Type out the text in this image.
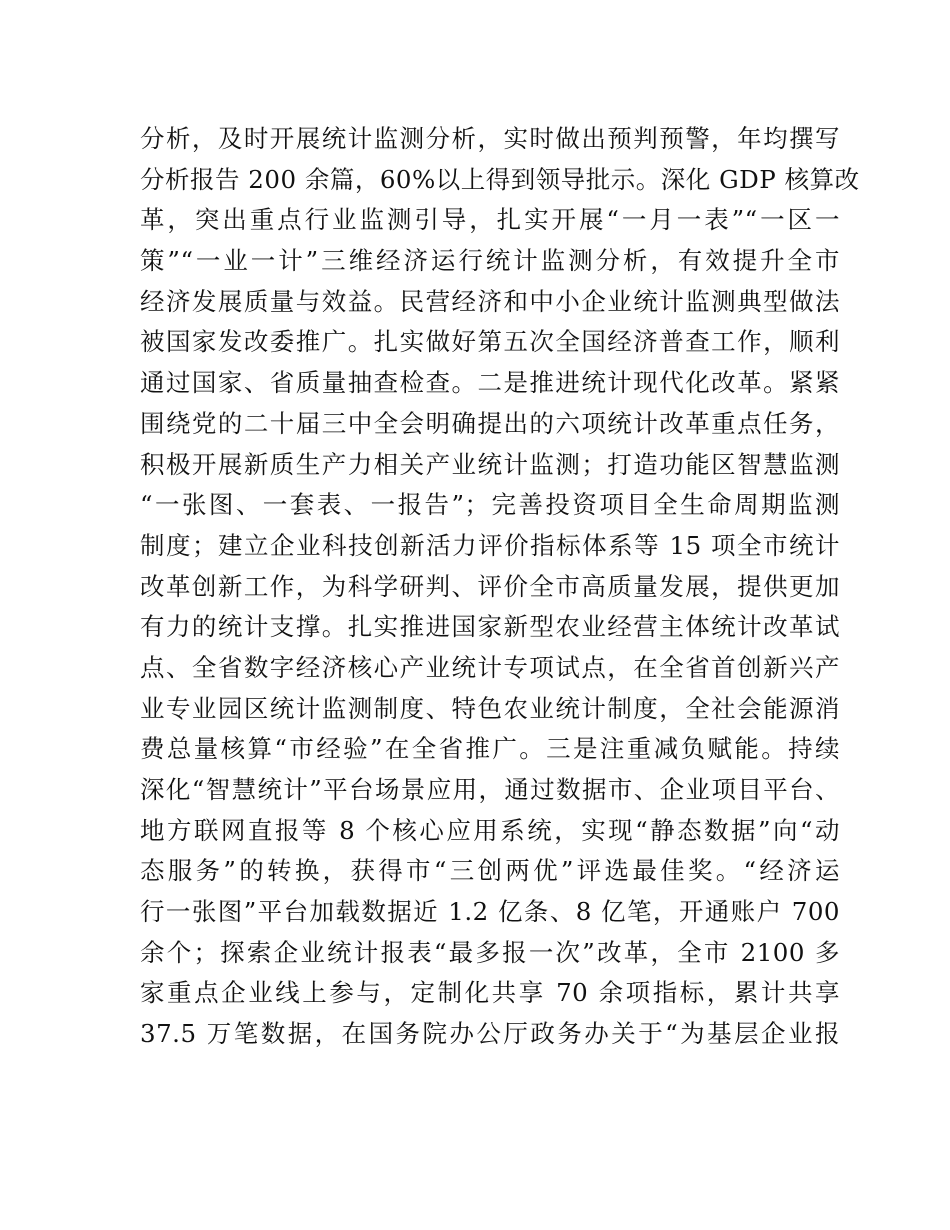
分析，及时开展统计监测分析，实时做出预判预警，年均撰写
分析报告 200 余篇，60%以上得到领导批示。深化 GDP 核算改
革，突出重点行业监测引导，扎实开展“一月一表”“一区一
策”“一业一计”三维经济运行统计监测分析，有效提升全市
经济发展质量与效益。民营经济和中小企业统计监测典型做法
被国家发改委推广。扎实做好第五次全国经济普查工作，顺利
通过国家、省质量抽查检查。二是推进统计现代化改革。紧紧
围绕党的二十届三中全会明确提出的六项统计改革重点任务，
积极开展新质生产力相关产业统计监测；打造功能区智慧监测
“一张图、一套表、一报告”；完善投资项目全生命周期监测
制度；建立企业科技创新活力评价指标体系等 15 项全市统计
改革创新工作，为科学研判、评价全市高质量发展，提供更加
有力的统计支撑。扎实推进国家新型农业经营主体统计改革试
点、全省数字经济核心产业统计专项试点，在全省首创新兴产
业专业园区统计监测制度、特色农业统计制度，全社会能源消
费总量核算“市经验”在全省推广。三是注重减负赋能。持续
深化“智慧统计”平台场景应用，通过数据市、企业项目平台、
地方联网直报等 8 个核心应用系统，实现“静态数据”向“动
态服务”的转换，获得市“三创两优”评选最佳奖。“经济运
行一张图”平台加载数据近 1.2 亿条、8 亿笔，开通账户 700
余个；探索企业统计报表“最多报一次”改革，全市 2100 多
家重点企业线上参与，定制化共享 70 余项指标，累计共享
37.5 万笔数据，在国务院办公厅政务办关于“为基层企业报
